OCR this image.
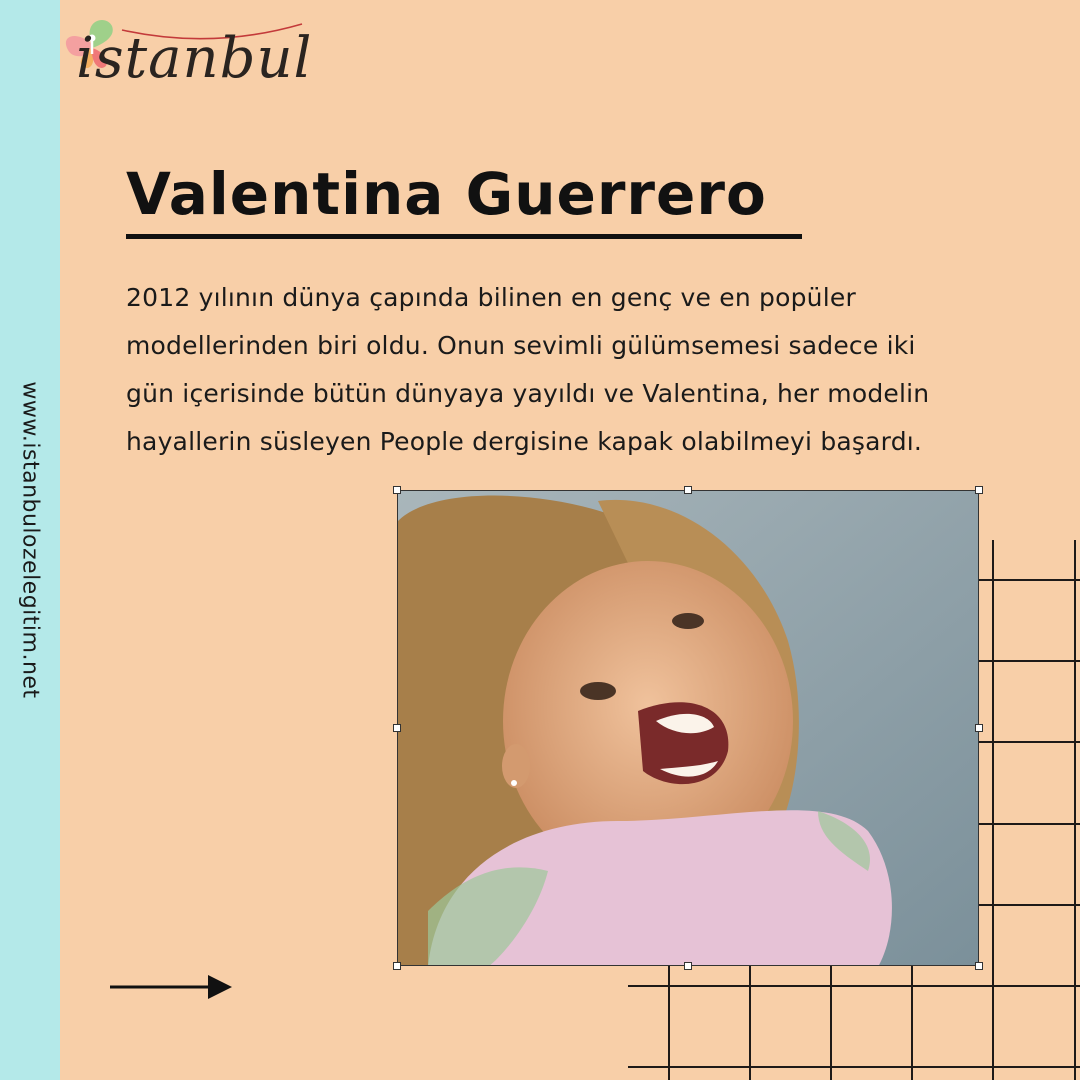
www.istanbulozelegitim.net
istanbul
Valentina Guerrero

2012 yılının dünya çapında bilinen en genç ve en popüler modellerinden biri oldu. Onun sevimli gülümsemesi sadece iki gün içerisinde bütün dünyaya yayıldı ve Valentina, her modelin hayallerin süsleyen People dergisine kapak olabilmeyi başardı.
